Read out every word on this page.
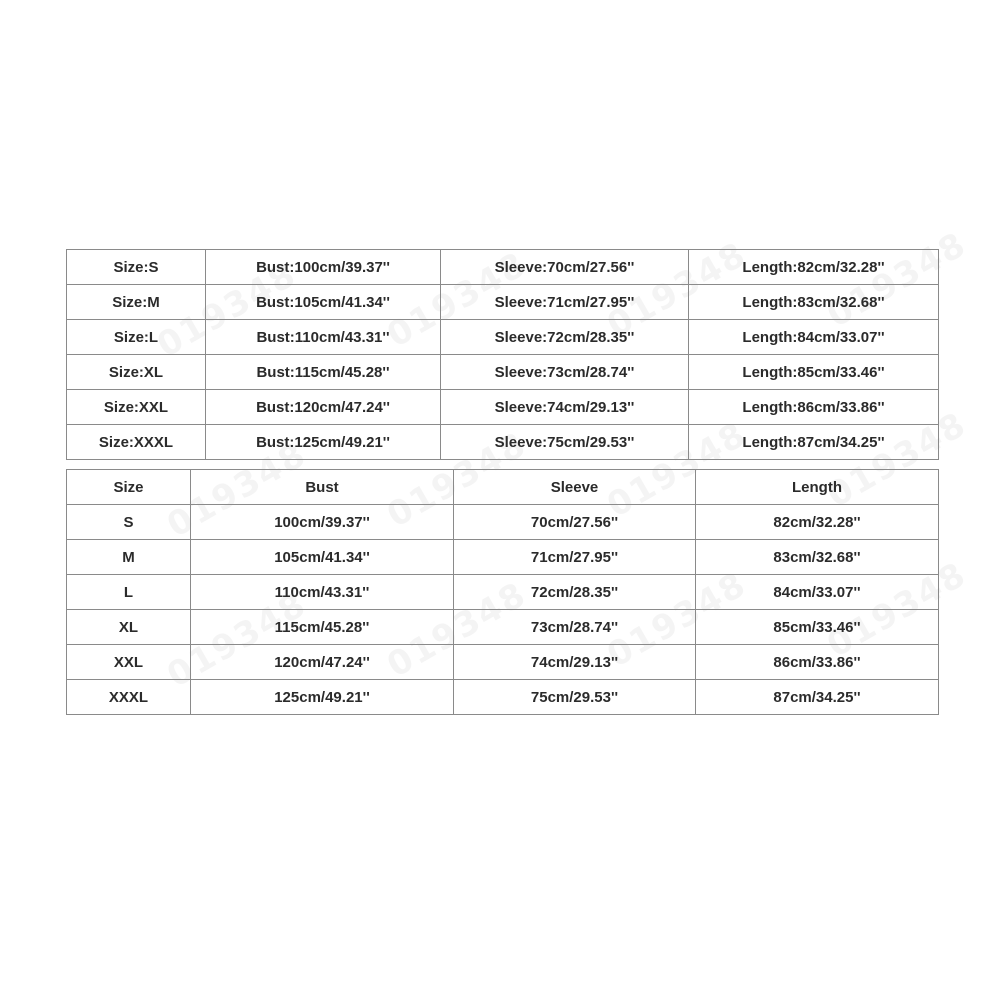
Size:S	Bust:100cm/39.37''	Sleeve:70cm/27.56''	Length:82cm/32.28''
Size:M	Bust:105cm/41.34''	Sleeve:71cm/27.95''	Length:83cm/32.68''
Size:L	Bust:110cm/43.31''	Sleeve:72cm/28.35''	Length:84cm/33.07''
Size:XL	Bust:115cm/45.28''	Sleeve:73cm/28.74''	Length:85cm/33.46''
Size:XXL	Bust:120cm/47.24''	Sleeve:74cm/29.13''	Length:86cm/33.86''
Size:XXXL	Bust:125cm/49.21''	Sleeve:75cm/29.53''	Length:87cm/34.25''
Size	Bust	Sleeve	Length
S	100cm/39.37''	70cm/27.56''	82cm/32.28''
M	105cm/41.34''	71cm/27.95''	83cm/32.68''
L	110cm/43.31''	72cm/28.35''	84cm/33.07''
XL	115cm/45.28''	73cm/28.74''	85cm/33.46''
XXL	120cm/47.24''	74cm/29.13''	86cm/33.86''
XXXL	125cm/49.21''	75cm/29.53''	87cm/34.25''
